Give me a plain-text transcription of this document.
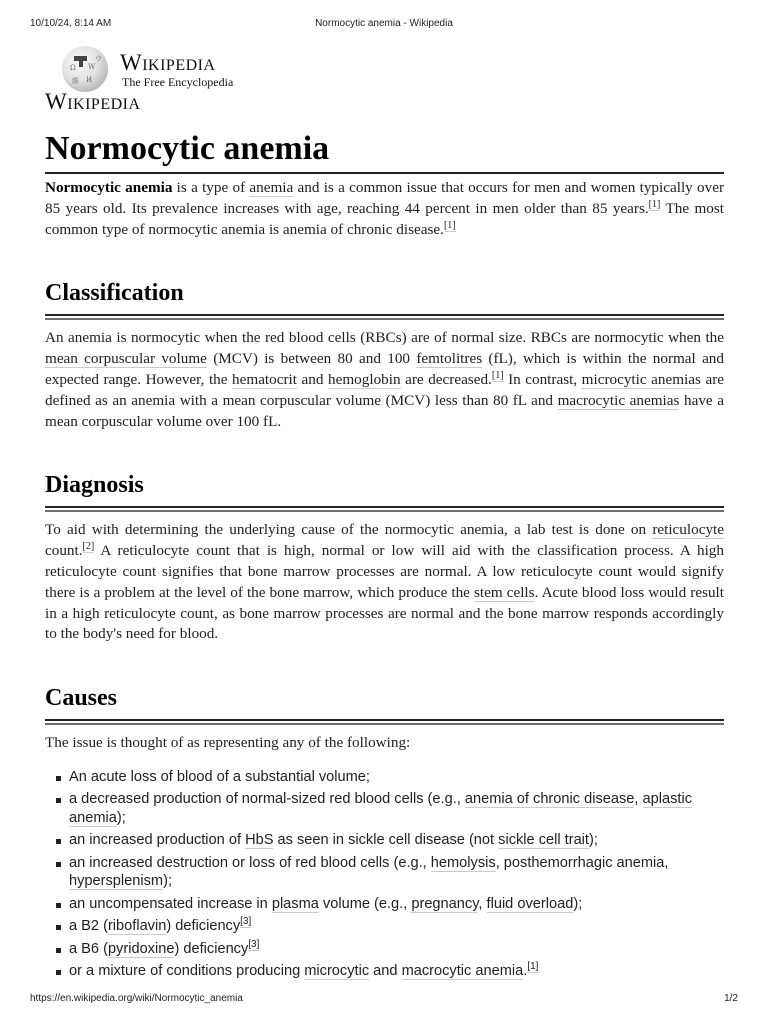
10/10/24, 8:14 AM	Normocytic anemia - Wikipedia
Ω W
維 И
ウ Wikipedia
The Free Encyclopedia
Wikipedia
Normocytic anemia

Normocytic anemia is a type of anemia and is a common issue that occurs for men and women typically over 85 years old. Its prevalence increases with age, reaching 44 percent in men older than 85 years.[1] The most common type of normocytic anemia is anemia of chronic disease.[1]

Classification

An anemia is normocytic when the red blood cells (RBCs) are of normal size. RBCs are normocytic when the mean corpuscular volume (MCV) is between 80 and 100 femtolitres (fL), which is within the normal and expected range. However, the hematocrit and hemoglobin are decreased.[1] In contrast, microcytic anemias are defined as an anemia with a mean corpuscular volume (MCV) less than 80 fL and macrocytic anemias have a mean corpuscular volume over 100 fL.

Diagnosis

To aid with determining the underlying cause of the normocytic anemia, a lab test is done on reticulocyte count.[2] A reticulocyte count that is high, normal or low will aid with the classification process. A high reticulocyte count signifies that bone marrow processes are normal. A low reticulocyte count would signify there is a problem at the level of the bone marrow, which produce the stem cells. Acute blood loss would result in a high reticulocyte count, as bone marrow processes are normal and the bone marrow responds accordingly to the body's need for blood.

Causes

The issue is thought of as representing any of the following:

An acute loss of blood of a substantial volume;
a decreased production of normal-sized red blood cells (e.g., anemia of chronic disease, aplastic anemia);
an increased production of HbS as seen in sickle cell disease (not sickle cell trait);
an increased destruction or loss of red blood cells (e.g., hemolysis, posthemorrhagic anemia, hypersplenism);
an uncompensated increase in plasma volume (e.g., pregnancy, fluid overload);
a B2 (riboflavin) deficiency[3]
a B6 (pyridoxine) deficiency[3]
or a mixture of conditions producing microcytic and macrocytic anemia.[1]
https://en.wikipedia.org/wiki/Normocytic_anemia	1/2
